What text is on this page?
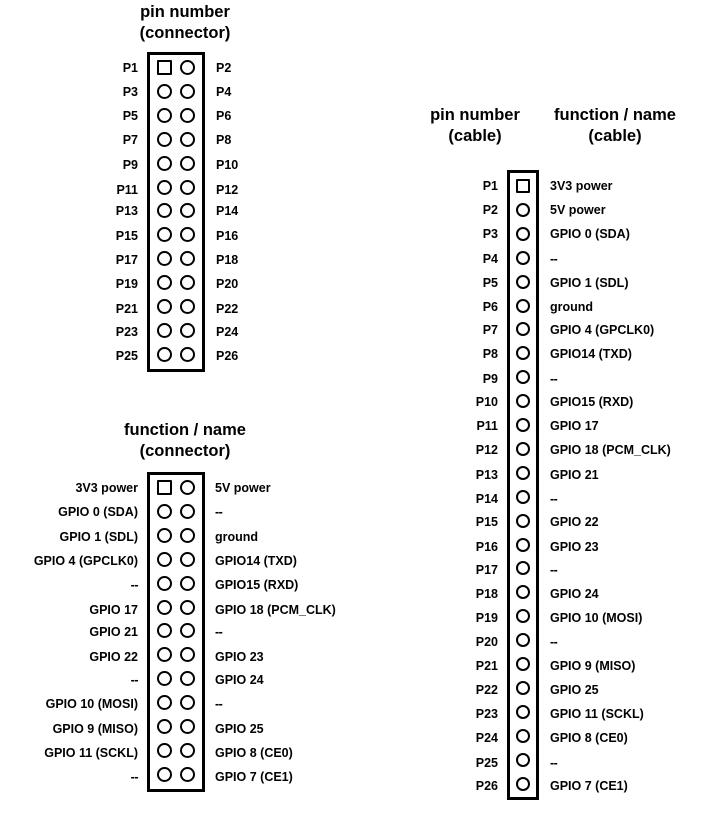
pin number
(connector)
P1	P2
P3	P4
P5	P6
P7	P8
P9	P10
P11	P12
P13	P14
P15	P16
P17	P18
P19	P20
P21	P22
P23	P24
P25	P26
function / name
(connector)
3V3 power	5V power
GPIO 0 (SDA)	--
GPIO 1 (SDL)	ground
GPIO 4 (GPCLK0)	GPIO14 (TXD)
--	GPIO15 (RXD)
GPIO 17	GPIO 18 (PCM_CLK)
GPIO 21	--
GPIO 22	GPIO 23
--	GPIO 24
GPIO 10 (MOSI)	--
GPIO 9 (MISO)	GPIO 25
GPIO 11 (SCKL)	GPIO 8 (CE0)
--	GPIO 7 (CE1)
pin number
(cable)
function / name
(cable)
P1	3V3 power
P2	5V power
P3	GPIO 0 (SDA)
P4	--
P5	GPIO 1 (SDL)
P6	ground
P7	GPIO 4 (GPCLK0)
P8	GPIO14 (TXD)
P9	--
P10	GPIO15 (RXD)
P11	GPIO 17
P12	GPIO 18 (PCM_CLK)
P13	GPIO 21
P14	--
P15	GPIO 22
P16	GPIO 23
P17	--
P18	GPIO 24
P19	GPIO 10 (MOSI)
P20	--
P21	GPIO 9 (MISO)
P22	GPIO 25
P23	GPIO 11 (SCKL)
P24	GPIO 8 (CE0)
P25	--
P26	GPIO 7 (CE1)
